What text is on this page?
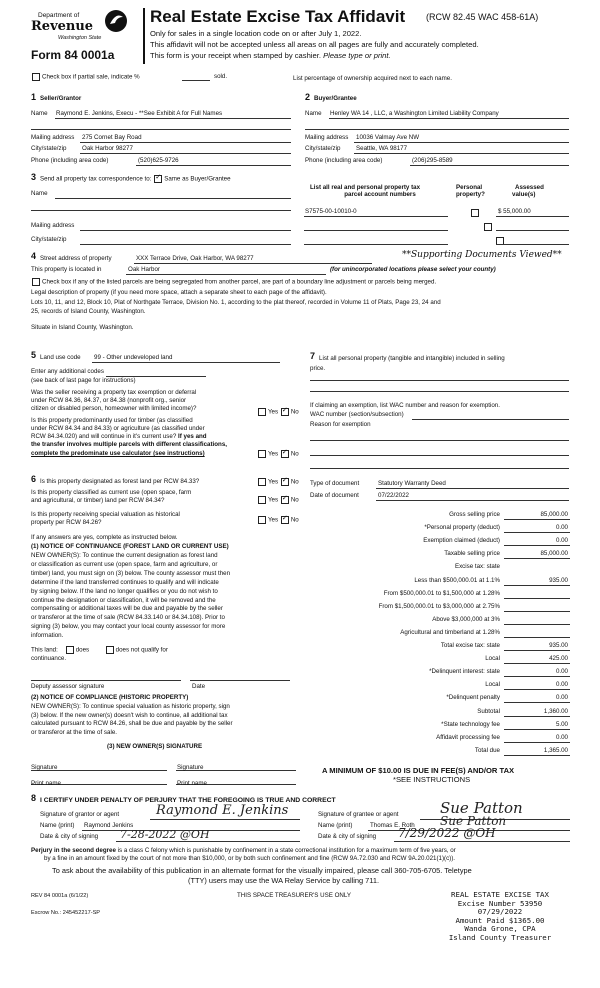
Department of
Revenue
Washington State
Form 84 0001a
Real Estate Excise Tax Affidavit (RCW 82.45 WAC 458-61A)
Only for sales in a single location code on or after July 1, 2022.
This affidavit will not be accepted unless all areas on all pages are fully and accurately completed.
This form is your receipt when stamped by cashier. Please type or print.
Check box if partial sale, indicate %	sold.	List percentage of ownership acquired next to each name.
1 Seller/Grantor
Name Raymond E. Jenkins, Execu - **See Exhibit A for Full Names
Mailing address 275 Cornet Bay Road
City/state/zip	Oak Harbor 98277
Phone (including area code)	(520)625-9726
2 Buyer/Grantee
Name Henley WA 14 , LLC, a Washington Limited Liability Company
Mailing address 10036 Valmay Ave NW
City/state/zip	Seattle, WA 98177
Phone (including area code)	(206)295-8589
3 Send all property tax correspondence to: ✓ Same as Buyer/Grantee
Name
Mailing address
City/state/zip
List all real and personal property tax
parcel account numbers
Personal
property?
Assessed
value(s)
S7575-00-10010-0
	$ 55,000.00

4 Street address of property	XXX Terrace Drive, Oak Harbor, WA 98277	**Supporting Documents Viewed**
This property is located in	Oak Harbor	(for unincorporated locations please select your county)
Check box if any of the listed parcels are being segregated from another parcel, are part of a boundary line adjustment or parcels being merged.
Legal description of property (if you need more space, attach a separate sheet to each page of the affidavit).
Lots 10, 11, and 12, Block 10, Plat of Northgate Terrace, Division No. 1, according to the plat thereof, recorded in Volume 11 of Plats, Page 23, 24 and
25, records of Island County, Washington.
Situate in Island County, Washington.
5 Land use code 99 - Other undeveloped land
Enter any additional codes
(see back of last page for instructions)
Was the seller receiving a property tax exemption or deferral
under RCW 84.36, 84.37, or 84.38 (nonprofit org., senior
citizen or disabled person, homeowner with limited income)?
Yes ✓ No
Is this property predominantly used for timber (as classified
under RCW 84.34 and 84.33) or agriculture (as classified under
RCW 84.34.020) and will continue in it's current use? If yes and
the transfer involves multiple parcels with different classifications,
complete the predominate use calculator (see instructions)	Yes ✓ No
7 List all personal property (tangible and intangible) included in selling
price.
If claiming an exemption, list WAC number and reason for exemption.
WAC number (section/subsection)
Reason for exemption
Type of document	Statutory Warranty Deed
Date of document	07/22/2022
6 Is this property designated as forest land per RCW 84.33?	Yes ✓ No
Is this property classified as current use (open space, farm
and agricultural, or timber) land per RCW 84.34?	Yes ✓ No
Is this property receiving special valuation as historical
property per RCW 84.26?	Yes ✓ No
If any answers are yes, complete as instructed below.
(1) NOTICE OF CONTINUANCE (FOREST LAND OR CURRENT USE)
NEW OWNER(S): To continue the current designation as forest land
or classification as current use (open space, farm and agriculture, or
timber) land, you must sign on (3) below. The county assessor must then
determine if the land transferred continues to qualify and will indicate
by signing below. If the land no longer qualifies or you do not wish to
continue the designation or classification, it will be removed and the
compensating or additional taxes will be due and payable by the seller
or transferor at the time of sale (RCW 84.33.140 or 84.34.108). Prior to
signing (3) below, you may contact your local county assessor for more
information.
This land:	does	does not qualify for
continuance.
Deputy assessor signature	Date
(2) NOTICE OF COMPLIANCE (HISTORIC PROPERTY)
NEW OWNER(S): To continue special valuation as historic property, sign
(3) below. If the new owner(s) doesn't wish to continue, all additional tax
calculated pursuant to RCW 84.26, shall be due and payable by the seller
or transferor at the time of sale.
(3) NEW OWNER(S) SIGNATURE
Signature	Signature
Print name	Print name
Gross selling price	85,000.00
*Personal property (deduct)	0.00
Exemption claimed (deduct)	0.00
Taxable selling price	85,000.00
Excise tax: state
Less than $500,000.01 at 1.1%	935.00
From $500,000.01 to $1,500,000 at 1.28%
From $1,500,000.01 to $3,000,000 at 2.75%
Above $3,000,000 at 3%
Agricultural and timberland at 1.28%
Total excise tax: state	935.00
Local	425.00
*Delinquent interest: state	0.00
Local	0.00
*Delinquent penalty	0.00
Subtotal	1,360.00
*State technology fee	5.00
Affidavit processing fee	0.00
Total due	1,365.00
A MINIMUM OF $10.00 IS DUE IN FEE(S) AND/OR TAX
*SEE INSTRUCTIONS
8 I CERTIFY UNDER PENALTY OF PERJURY THAT THE FOREGOING IS TRUE AND CORRECT
Signature of grantor or agent	Raymond E. Jenkins
Name (print) Raymond Jenkins
Date & city of signing 7-28-2022 @OH
Signature of grantee or agent	Sue Patton
Name (print)	Thomas E. Roth Sue Patton
Date & city of signing 7/29/2022 @OH
Perjury in the second degree is a class C felony which is punishable by confinement in a state correctional institution for a maximum term of five years, or
by a fine in an amount fixed by the court of not more than $10,000, or by both such confinement and fine (RCW 9A.72.030 and RCW 9A.20.021(1)(c)).
To ask about the availability of this publication in an alternate format for the visually impaired, please call 360-705-6705. Teletype
(TTY) users may use the WA Relay Service by calling 711.
REV 84 0001a (6/1/22)	THIS SPACE TREASURER'S USE ONLY
Escrow No.: 245452217-SP
REAL ESTATE EXCISE TAX
Excise Number 53950
07/29/2022
Amount Paid $1365.00
Wanda Grone, CPA
Island County Treasurer
